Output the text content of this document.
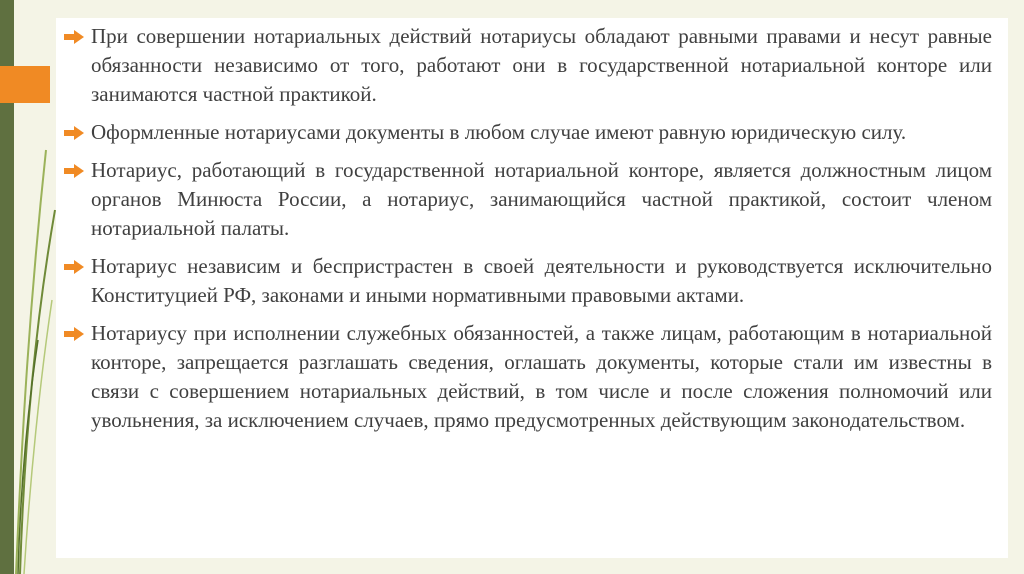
При совершении нотариальных действий нотариусы обладают равными правами и несут равные обязанности независимо от того, работают они в государственной нотариальной конторе или занимаются частной практикой.
Оформленные нотариусами документы в любом случае имеют равную юридическую силу.
Нотариус, работающий в государственной нотариальной конторе, является должностным лицом органов Минюста России, а нотариус, занимающийся частной практикой, состоит членом нотариальной палаты.
Нотариус независим и беспристрастен в своей деятельности и руководствуется исключительно Конституцией РФ, законами и иными нормативными правовыми актами.
Нотариусу при исполнении служебных обязанностей, а также лицам, работающим в нотариальной конторе, запрещается разглашать сведения, оглашать документы, которые стали им известны в связи с совершением нотариальных действий, в том числе и после сложения полномочий или увольнения, за исключением случаев, прямо предусмотренных действующим законодательством.
